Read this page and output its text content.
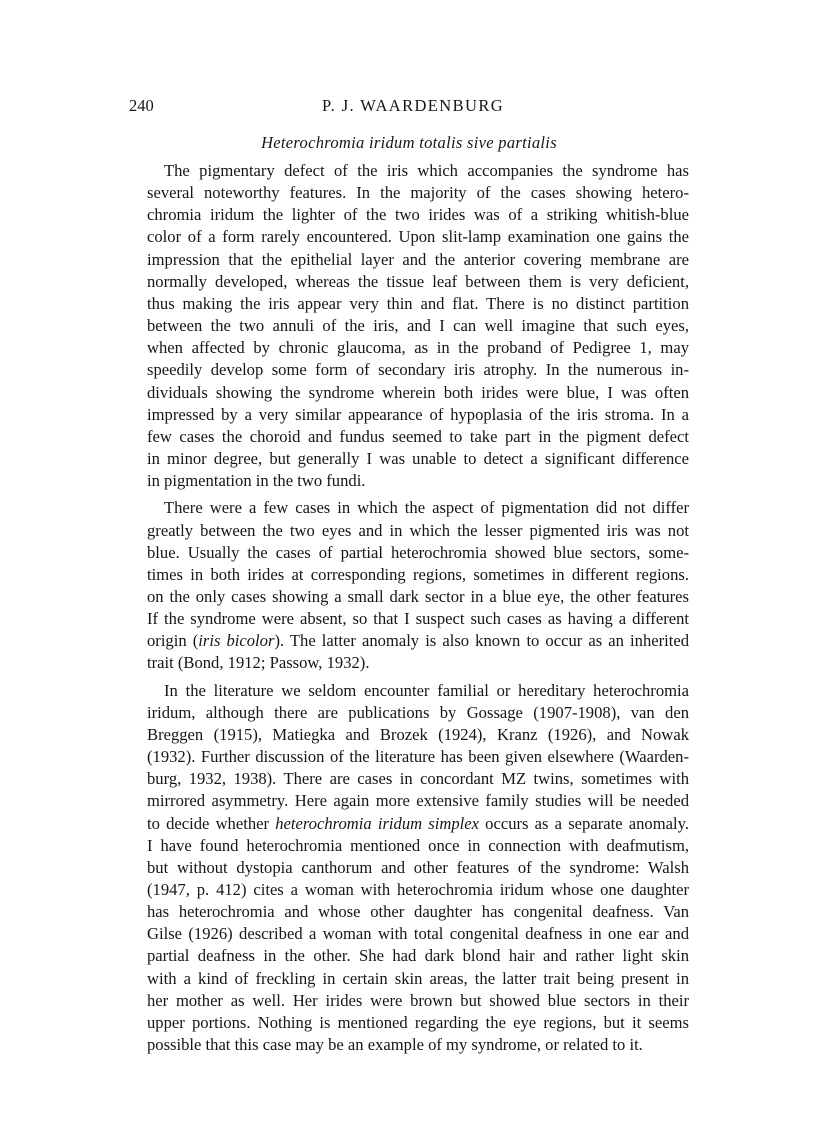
240	P. J. WAARDENBURG
Heterochromia iridum totalis sive partialis
The pigmentary defect of the iris which accompanies the syndrome has
several noteworthy features. In the majority of the cases showing hetero-
chromia iridum the lighter of the two irides was of a striking whitish-blue
color of a form rarely encountered. Upon slit-lamp examination one gains the
impression that the epithelial layer and the anterior covering membrane are
normally developed, whereas the tissue leaf between them is very deficient,
thus making the iris appear very thin and flat. There is no distinct partition
between the two annuli of the iris, and I can well imagine that such eyes,
when affected by chronic glaucoma, as in the proband of Pedigree 1, may
speedily develop some form of secondary iris atrophy. In the numerous in-
dividuals showing the syndrome wherein both irides were blue, I was often
impressed by a very similar appearance of hypoplasia of the iris stroma. In a
few cases the choroid and fundus seemed to take part in the pigment defect
in minor degree, but generally I was unable to detect a significant difference
in pigmentation in the two fundi.
There were a few cases in which the aspect of pigmentation did not differ
greatly between the two eyes and in which the lesser pigmented iris was not
blue. Usually the cases of partial heterochromia showed blue sectors, some-
times in both irides at corresponding regions, sometimes in different regions.
on the only cases showing a small dark sector in a blue eye, the other features
If the syndrome were absent, so that I suspect such cases as having a different
origin (iris bicolor). The latter anomaly is also known to occur as an inherited
trait (Bond, 1912; Passow, 1932).
In the literature we seldom encounter familial or hereditary heterochromia
iridum, although there are publications by Gossage (1907-1908), van den
Breggen (1915), Matiegka and Brozek (1924), Kranz (1926), and Nowak
(1932). Further discussion of the literature has been given elsewhere (Waarden-
burg, 1932, 1938). There are cases in concordant MZ twins, sometimes with
mirrored asymmetry. Here again more extensive family studies will be needed
to decide whether heterochromia iridum simplex occurs as a separate anomaly.
I have found heterochromia mentioned once in connection with deafmutism,
but without dystopia canthorum and other features of the syndrome: Walsh
(1947, p. 412) cites a woman with heterochromia iridum whose one daughter
has heterochromia and whose other daughter has congenital deafness. Van
Gilse (1926) described a woman with total congenital deafness in one ear and
partial deafness in the other. She had dark blond hair and rather light skin
with a kind of freckling in certain skin areas, the latter trait being present in
her mother as well. Her irides were brown but showed blue sectors in their
upper portions. Nothing is mentioned regarding the eye regions, but it seems
possible that this case may be an example of my syndrome, or related to it.
